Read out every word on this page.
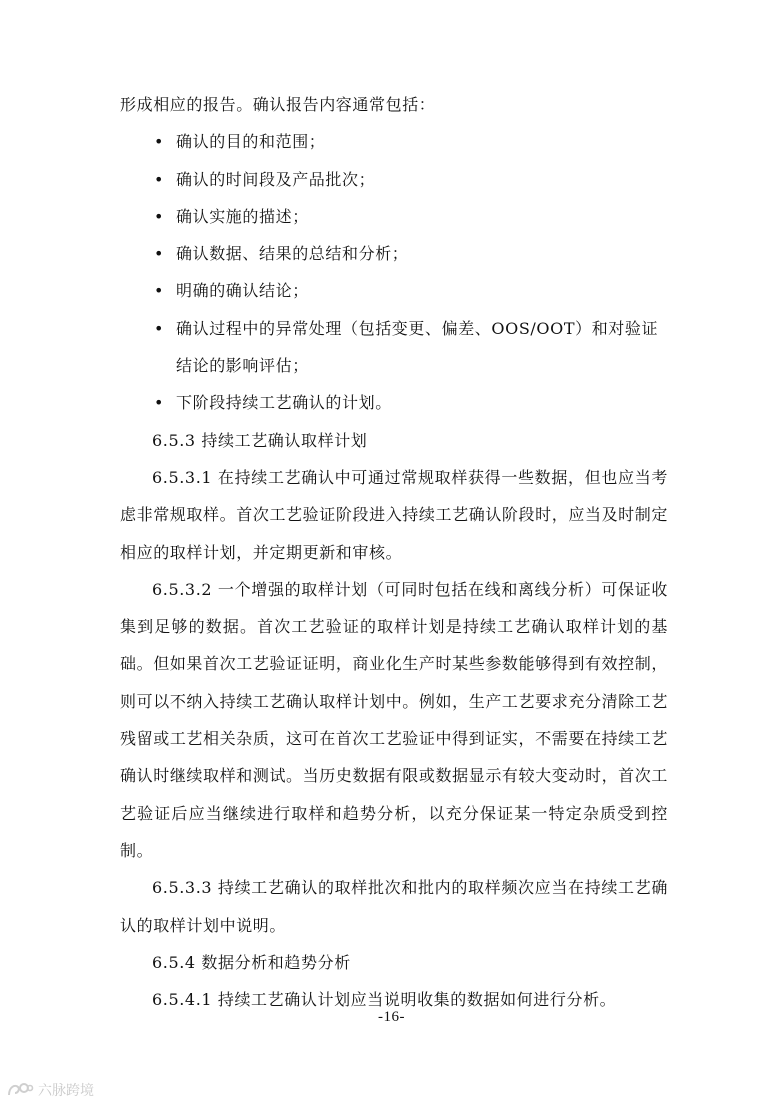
形成相应的报告。确认报告内容通常包括：
• 确认的目的和范围；
• 确认的时间段及产品批次；
• 确认实施的描述；
• 确认数据、结果的总结和分析；
• 明确的确认结论；
• 确认过程中的异常处理（包括变更、偏差、OOS/OOT）和对验证结论的影响评估；
• 下阶段持续工艺确认的计划。
6.5.3 持续工艺确认取样计划
6.5.3.1 在持续工艺确认中可通过常规取样获得一些数据，但也应当考虑非常规取样。首次工艺验证阶段进入持续工艺确认阶段时，应当及时制定相应的取样计划，并定期更新和审核。
6.5.3.2 一个增强的取样计划（可同时包括在线和离线分析）可保证收集到足够的数据。首次工艺验证的取样计划是持续工艺确认取样计划的基础。但如果首次工艺验证证明，商业化生产时某些参数能够得到有效控制，则可以不纳入持续工艺确认取样计划中。例如，生产工艺要求充分清除工艺残留或工艺相关杂质，这可在首次工艺验证中得到证实，不需要在持续工艺确认时继续取样和测试。当历史数据有限或数据显示有较大变动时，首次工艺验证后应当继续进行取样和趋势分析，以充分保证某一特定杂质受到控制。
6.5.3.3 持续工艺确认的取样批次和批内的取样频次应当在持续工艺确认的取样计划中说明。
6.5.4 数据分析和趋势分析
6.5.4.1 持续工艺确认计划应当说明收集的数据如何进行分析。
-16-
六脉跨境
